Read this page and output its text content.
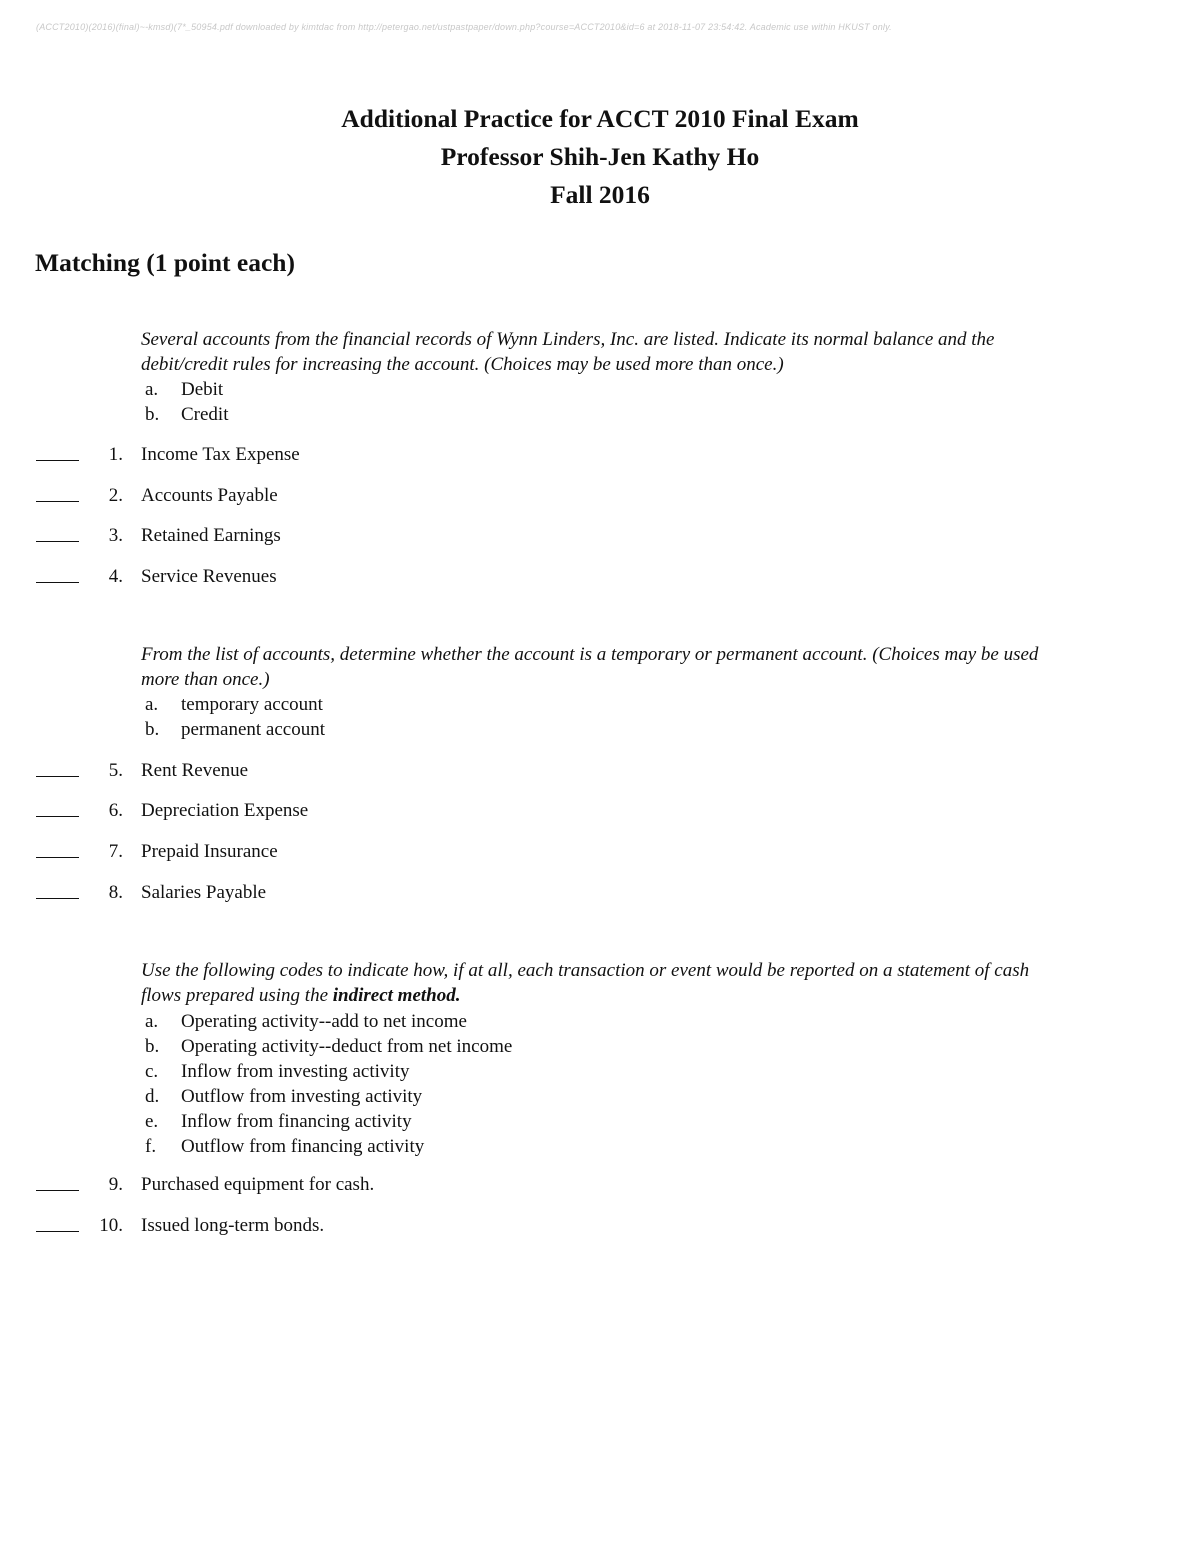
(ACCT2010)(2016)(final)~-kmsd)(7*_50954.pdf downloaded by kimtdac from http://petergao.net/ustpastpaper/down.php?course=ACCT2010&id=6 at 2018-11-07 23:54:42. Academic use within HKUST only.
Additional Practice for ACCT 2010 Final Exam
Professor Shih-Jen Kathy Ho
Fall 2016
Matching (1 point each)
Several accounts from the financial records of Wynn Linders, Inc. are listed. Indicate its normal balance and the debit/credit rules for increasing the account. (Choices may be used more than once.)
a.	Debit
b.	Credit
1. Income Tax Expense
2. Accounts Payable
3. Retained Earnings
4. Service Revenues
From the list of accounts, determine whether the account is a temporary or permanent account. (Choices may be used more than once.)
a.	temporary account
b.	permanent account
5. Rent Revenue
6. Depreciation Expense
7. Prepaid Insurance
8. Salaries Payable
Use the following codes to indicate how, if at all, each transaction or event would be reported on a statement of cash flows prepared using the indirect method.
a.	Operating activity--add to net income
b.	Operating activity--deduct from net income
c.	Inflow from investing activity
d.	Outflow from investing activity
e.	Inflow from financing activity
f.	Outflow from financing activity
9. Purchased equipment for cash.
10. Issued long-term bonds.
